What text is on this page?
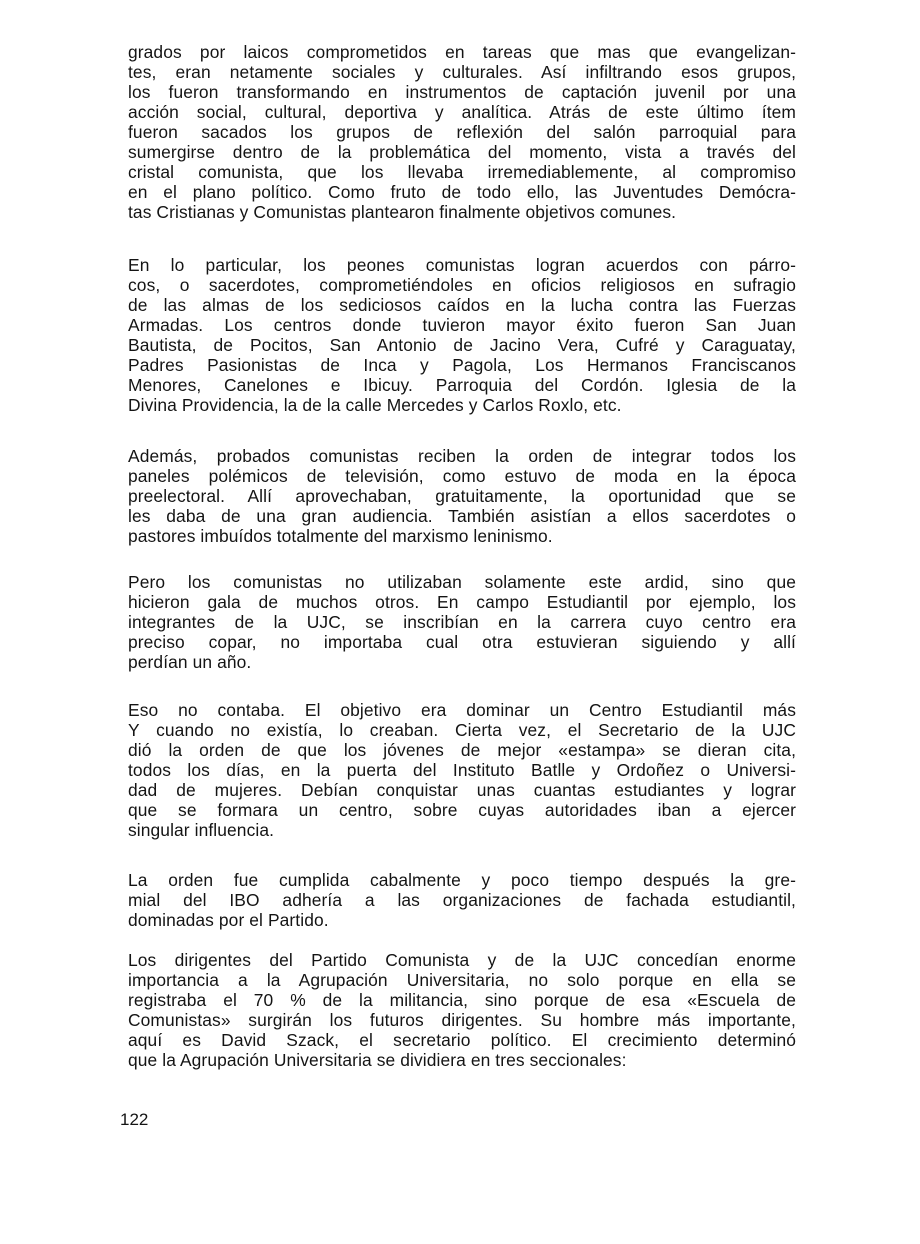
grados por laicos comprometidos en tareas que mas que evangelizan-
tes, eran netamente sociales y culturales. Así infiltrando esos grupos,
los fueron transformando en instrumentos de captación juvenil por una
acción social, cultural, deportiva y analítica. Atrás de este último ítem
fueron sacados los grupos de reflexión del salón parroquial para
sumergirse dentro de la problemática del momento, vista a través del
cristal comunista, que los llevaba irremediablemente, al compromiso
en el plano político. Como fruto de todo ello, las Juventudes Demócra-
tas Cristianas y Comunistas plantearon finalmente objetivos comunes.

En lo particular, los peones comunistas logran acuerdos con párro-
cos, o sacerdotes, comprometiéndoles en oficios religiosos en sufragio
de las almas de los sediciosos caídos en la lucha contra las Fuerzas
Armadas. Los centros donde tuvieron mayor éxito fueron San Juan
Bautista, de Pocitos, San Antonio de Jacino Vera, Cufré y Caraguatay,
Padres Pasionistas de Inca y Pagola, Los Hermanos Franciscanos
Menores, Canelones e Ibicuy. Parroquia del Cordón. Iglesia de la
Divina Providencia, la de la calle Mercedes y Carlos Roxlo, etc.

Además, probados comunistas reciben la orden de integrar todos los
paneles polémicos de televisión, como estuvo de moda en la época
preelectoral. Allí aprovechaban, gratuitamente, la oportunidad que se
les daba de una gran audiencia. También asistían a ellos sacerdotes o
pastores imbuídos totalmente del marxismo leninismo.

Pero los comunistas no utilizaban solamente este ardid, sino que
hicieron gala de muchos otros. En campo Estudiantil por ejemplo, los
integrantes de la UJC, se inscribían en la carrera cuyo centro era
preciso copar, no importaba cual otra estuvieran siguiendo y allí
perdían un año.

Eso no contaba. El objetivo era dominar un Centro Estudiantil más
Y cuando no existía, lo creaban. Cierta vez, el Secretario de la UJC
dió la orden de que los jóvenes de mejor «estampa» se dieran cita,
todos los días, en la puerta del Instituto Batlle y Ordoñez o Universi-
dad de mujeres. Debían conquistar unas cuantas estudiantes y lograr
que se formara un centro, sobre cuyas autoridades iban a ejercer
singular influencia.

La orden fue cumplida cabalmente y poco tiempo después la gre-
mial del IBO adhería a las organizaciones de fachada estudiantil,
dominadas por el Partido.

Los dirigentes del Partido Comunista y de la UJC concedían enorme
importancia a la Agrupación Universitaria, no solo porque en ella se
registraba el 70 % de la militancia, sino porque de esa «Escuela de
Comunistas» surgirán los futuros dirigentes. Su hombre más importante,
aquí es David Szack, el secretario político. El crecimiento determinó
que la Agrupación Universitaria se dividiera en tres seccionales:

122
